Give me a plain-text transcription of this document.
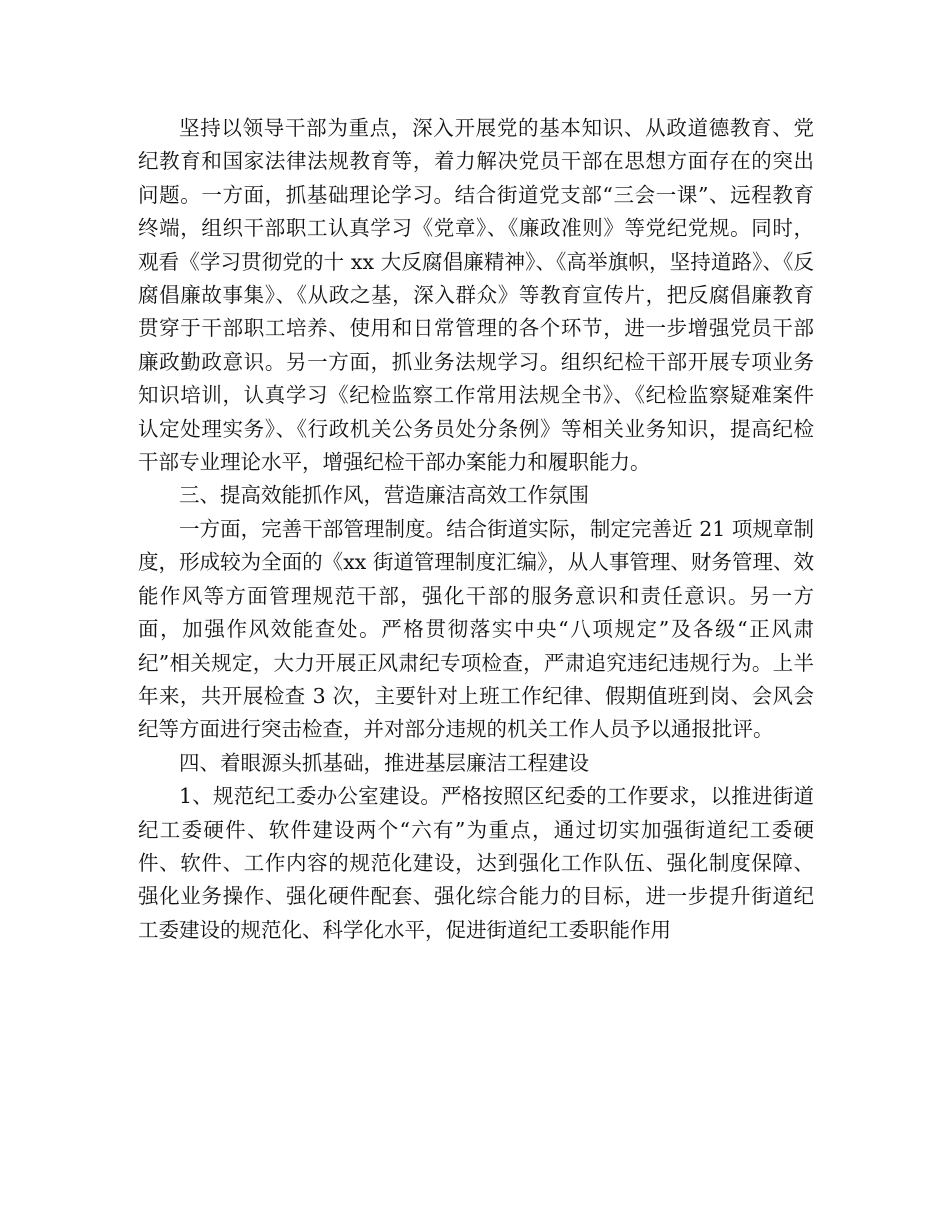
坚持以领导干部为重点，深入开展党的基本知识、从政道德教育、党纪教育和国家法律法规教育等，着力解决党员干部在思想方面存在的突出问题。一方面，抓基础理论学习。结合街道党支部“三会一课”、远程教育终端，组织干部职工认真学习《党章》、《廉政准则》等党纪党规。同时，观看《学习贯彻党的十 xx 大反腐倡廉精神》、《高举旗帜，坚持道路》、《反腐倡廉故事集》、《从政之基，深入群众》等教育宣传片，把反腐倡廉教育贯穿于干部职工培养、使用和日常管理的各个环节，进一步增强党员干部廉政勤政意识。另一方面，抓业务法规学习。组织纪检干部开展专项业务知识培训，认真学习《纪检监察工作常用法规全书》、《纪检监察疑难案件认定处理实务》、《行政机关公务员处分条例》等相关业务知识，提高纪检干部专业理论水平，增强纪检干部办案能力和履职能力。

三、提高效能抓作风，营造廉洁高效工作氛围

一方面，完善干部管理制度。结合街道实际，制定完善近 21 项规章制度，形成较为全面的《xx 街道管理制度汇编》，从人事管理、财务管理、效能作风等方面管理规范干部，强化干部的服务意识和责任意识。另一方面，加强作风效能查处。严格贯彻落实中央“八项规定”及各级“正风肃纪”相关规定，大力开展正风肃纪专项检查，严肃追究违纪违规行为。上半年来，共开展检查 3 次，主要针对上班工作纪律、假期值班到岗、会风会纪等方面进行突击检查，并对部分违规的机关工作人员予以通报批评。

四、着眼源头抓基础，推进基层廉洁工程建设

1、规范纪工委办公室建设。严格按照区纪委的工作要求，以推进街道纪工委硬件、软件建设两个“六有”为重点，通过切实加强街道纪工委硬件、软件、工作内容的规范化建设，达到强化工作队伍、强化制度保障、强化业务操作、强化硬件配套、强化综合能力的目标，进一步提升街道纪工委建设的规范化、科学化水平，促进街道纪工委职能作用
